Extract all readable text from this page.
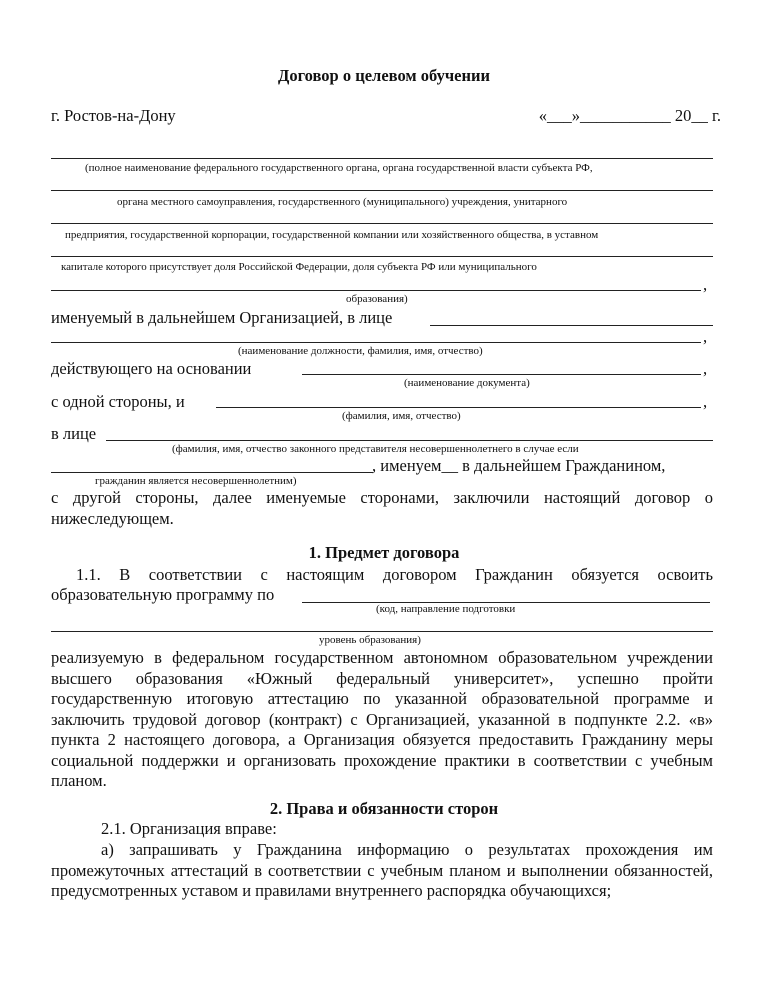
Договор о целевом обучении
г. Ростов-на-Дону	«___»___________ 20__ г.
(полное наименование федерального государственного органа, органа государственной власти субъекта РФ,
органа местного самоуправления, государственного (муниципального) учреждения, унитарного
предприятия, государственной корпорации, государственной компании или хозяйственного общества, в уставном
капитале которого присутствует доля Российской Федерации, доля субъекта РФ или муниципального
,
образования)
именуемый в дальнейшем Организацией, в лице
,
(наименование должности, фамилия, имя, отчество)
действующего на основании	,
(наименование документа)
с одной стороны, и	,
(фамилия, имя, отчество)
в лице
(фамилия, имя, отчество законного представителя несовершеннолетнего в случае если
, именуем__ в дальнейшем Гражданином,
гражданин является несовершеннолетним)
с другой стороны, далее именуемые сторонами, заключили настоящий договор о нижеследующем.
1. Предмет договора
1.1. В соответствии с настоящим договором Гражданин обязуется освоить
образовательную программу по
(код, направление подготовки
уровень образования)
реализуемую в федеральном государственном автономном образовательном учреждении высшего образования «Южный федеральный университет», успешно пройти государственную итоговую аттестацию по указанной образовательной программе и заключить трудовой договор (контракт) с Организацией, указанной в подпункте 2.2. «в» пункта 2 настоящего договора, а Организация обязуется предоставить Гражданину меры социальной поддержки и организовать прохождение практики в соответствии с учебным планом.
2. Права и обязанности сторон
2.1. Организация вправе:
а) запрашивать у Гражданина информацию о результатах прохождения им промежуточных аттестаций в соответствии с учебным планом и выполнении обязанностей, предусмотренных уставом и правилами внутреннего распорядка обучающихся;
